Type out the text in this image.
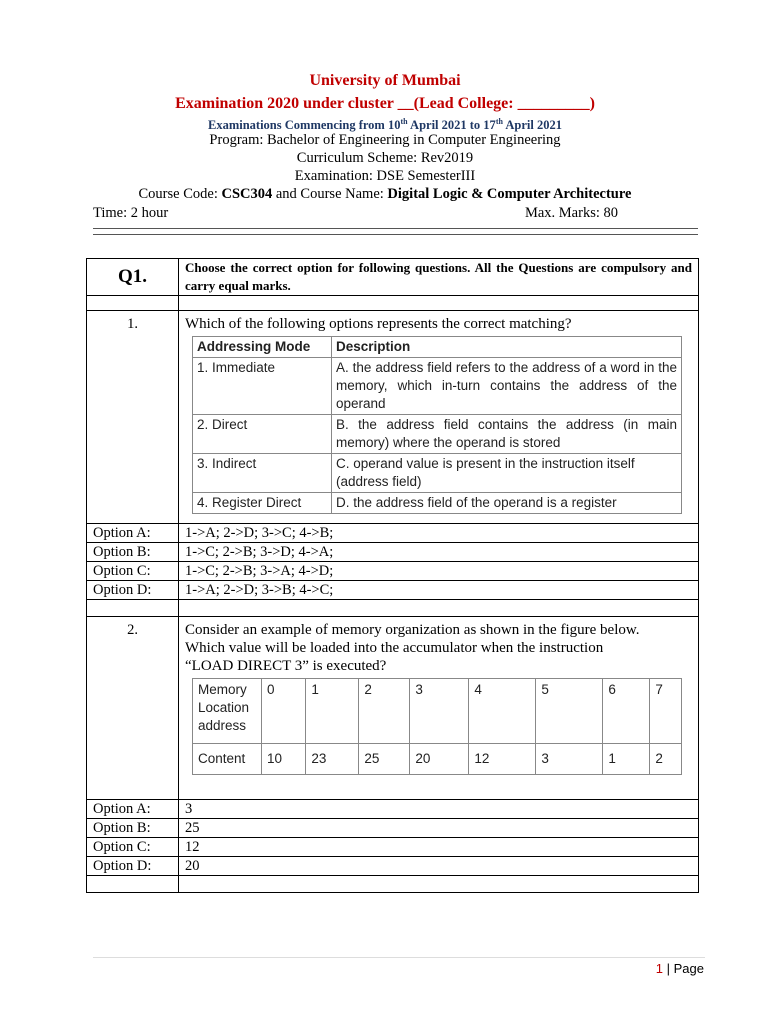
University of Mumbai
Examination 2020 under cluster __(Lead College: _________)
Examinations Commencing from 10th April 2021 to 17th April 2021
Program: Bachelor of Engineering in Computer Engineering
Curriculum Scheme: Rev2019
Examination: DSE SemesterIII
Course Code: CSC304 and Course Name: Digital Logic & Computer Architecture
Time: 2 hour	Max. Marks: 80
Q1.	Choose the correct option for following questions. All the Questions are compulsory and carry equal marks.

1.	Which of the following options represents the correct matching?
Addressing Mode	Description
1. Immediate	A. the address field refers to the address of a word in the memory, which in-turn contains the address of the operand
2. Direct	B. the address field contains the address (in main memory) where the operand is stored
3. Indirect	C. operand value is present in the instruction itself (address field)
4. Register Direct	D. the address field of the operand is a register

Option A:	1->A; 2->D; 3->C; 4->B;
Option B:	1->C; 2->B; 3->D; 4->A;
Option C:	1->C; 2->B; 3->A; 4->D;
Option D:	1->A; 2->D; 3->B; 4->C;

2.	Consider an example of memory organization as shown in the figure below. Which value will be loaded into the accumulator when the instruction “LOAD DIRECT 3” is executed?
Memory Location address	0	1	2	3	4	5	6	7
Content	10	23	25	20	12	3	1	2

Option A:	3
Option B:	25
Option C:	12
Option D:	20

1 | Page
